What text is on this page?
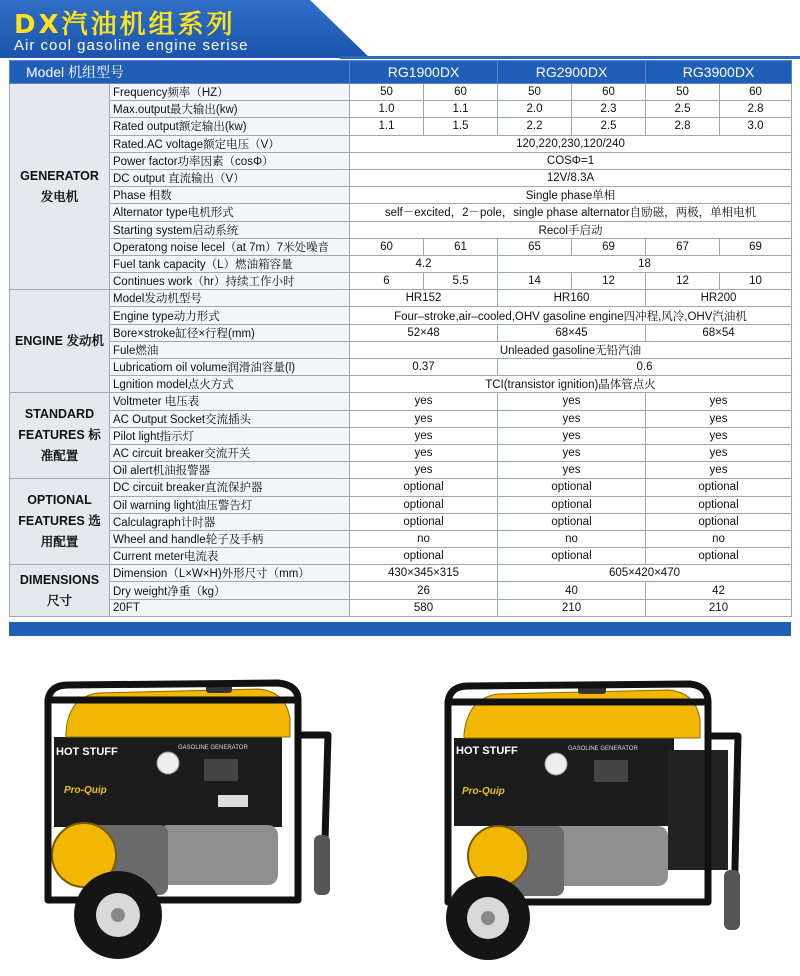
DX汽油机组系列
Air cool gasoline engine serise
Model 机组型号		RG1900DX		RG2900DX		RG3900DX	
GENERATOR 发电机	Frequency频率（HZ）	50	60	50	60	50	60
	Max.output最大输出(kw)	1.0	1.1	2.0	2.3	2.5	2.8
	Rated output额定输出(kw)	1.1	1.5	2.2	2.5	2.8	3.0
	Rated.AC voltage额定电压（V）	120,220,230,120/240					
	Power factor功率因素（cosΦ）	COSΦ=1					
	DC output 直流输出（V）	12V/8.3A					
	Phase 相数	Single phase单相					
	Alternator type电机形式	self－excited，2－pole，single phase alternator自励磁，两极，单相电机					
	Starting system启动系统	Recol手启动					
	Operatong noise lecel（at 7m）7米处噪音	60	61	65	69	67	69
	Fuel tank capacity（L）燃油箱容量	4.2		18			
	Continues work（hr）持续工作小时	6	5.5	14	12	12	10
ENGINE 发动机	Model发动机型号	HR152		HR160		HR200	
	Engine type动力形式	Four–stroke,air–cooled,OHV gasoline engine四冲程,风冷,OHV汽油机					
	Bore×stroke缸径×行程(mm)	52×48		68×45		68×54	
	Fule燃油	Unleaded gasoline无铅汽油					
	Lubricatiom oil volume润滑油容量(l)	0.37		0.6			
	Lgnition model点火方式	TCI(transistor ignition)晶体管点火					
STANDARD FEATURES 标准配置	Voltmeter 电压表	yes		yes		yes	
	AC Output Socket交流插头	yes		yes		yes	
	Pilot light指示灯	yes		yes		yes	
	AC circuit breaker交流开关	yes		yes		yes	
	Oil alert机油报警器	yes		yes		yes	
OPTIONAL FEATURES 选用配置	DC circuit breaker直流保护器	optional		optional		optional	
	Oil warning light油压警告灯	optional		optional		optional	
	Calculagraph计时器	optional		optional		optional	
	Wheel and handle轮子及手柄	no		no		no	
	Current meter电流表	optional		optional		optional	
DIMENSIONS 尺寸	Dimension（L×W×H)外形尺寸（mm）	430×345×315		605×420×470			
	Dry weight净重（kg）	26		40		42	
	20FT	580		210		210	
HOT STUFF	GASOLINE GENERATOR
Pro-Quip
HOT STUFF	GASOLINE GENERATOR
Pro-Quip
